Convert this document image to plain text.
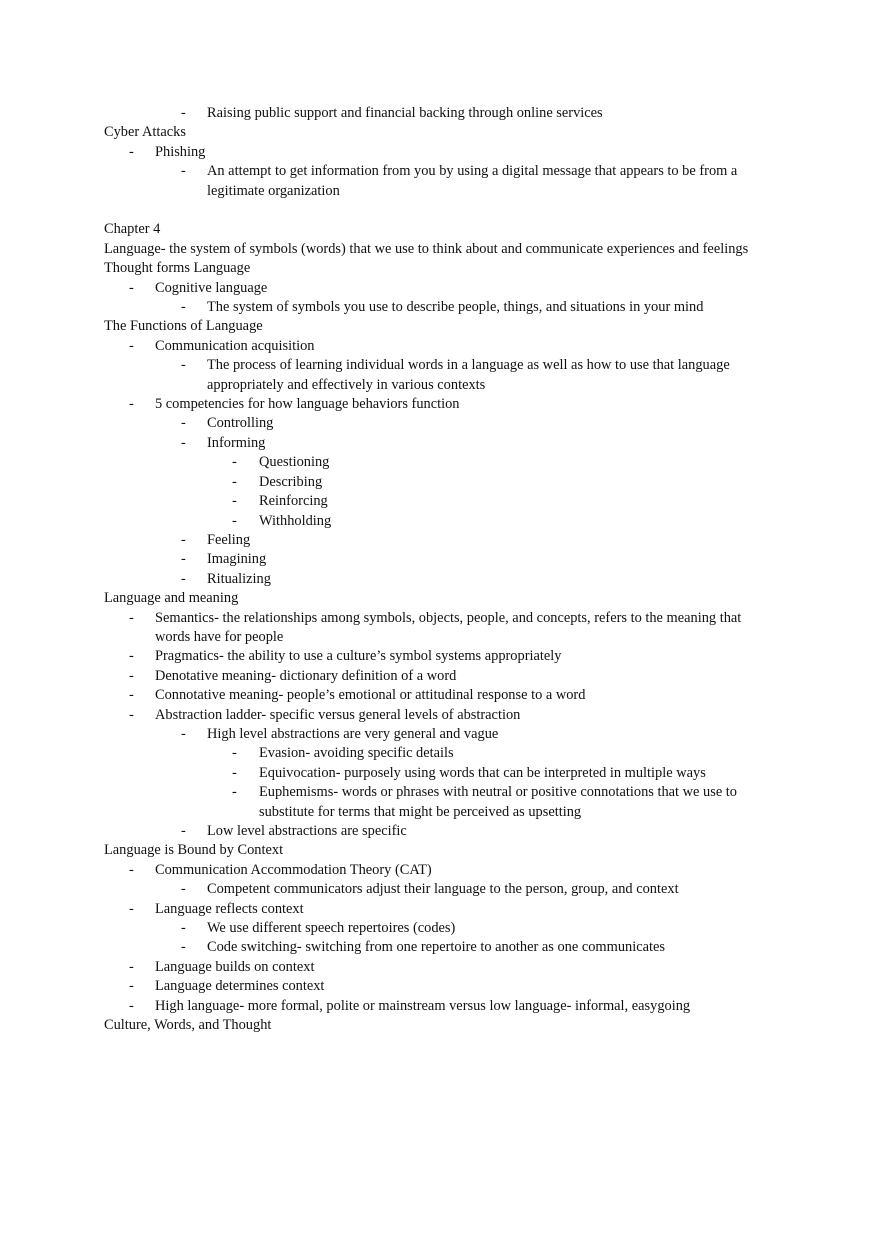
- Raising public support and financial backing through online services
Cyber Attacks
- Phishing
- An attempt to get information from you by using a digital message that appears to be from a legitimate organization
Chapter 4
Language- the system of symbols (words) that we use to think about and communicate experiences and feelings
Thought forms Language
- Cognitive language
- The system of symbols you use to describe people, things, and situations in your mind
The Functions of Language
- Communication acquisition
- The process of learning individual words in a language as well as how to use that language appropriately and effectively in various contexts
- 5 competencies for how language behaviors function
- Controlling
- Informing
- Questioning
- Describing
- Reinforcing
- Withholding
- Feeling
- Imagining
- Ritualizing
Language and meaning
- Semantics- the relationships among symbols, objects, people, and concepts, refers to the meaning that words have for people
- Pragmatics- the ability to use a culture’s symbol systems appropriately
- Denotative meaning- dictionary definition of a word
- Connotative meaning- people’s emotional or attitudinal response to a word
- Abstraction ladder- specific versus general levels of abstraction
- High level abstractions are very general and vague
- Evasion- avoiding specific details
- Equivocation- purposely using words that can be interpreted in multiple ways
- Euphemisms- words or phrases with neutral or positive connotations that we use to substitute for terms that might be perceived as upsetting
- Low level abstractions are specific
Language is Bound by Context
- Communication Accommodation Theory (CAT)
- Competent communicators adjust their language to the person, group, and context
- Language reflects context
- We use different speech repertoires (codes)
- Code switching- switching from one repertoire to another as one communicates
- Language builds on context
- Language determines context
- High language- more formal, polite or mainstream versus low language- informal, easygoing
Culture, Words, and Thought
